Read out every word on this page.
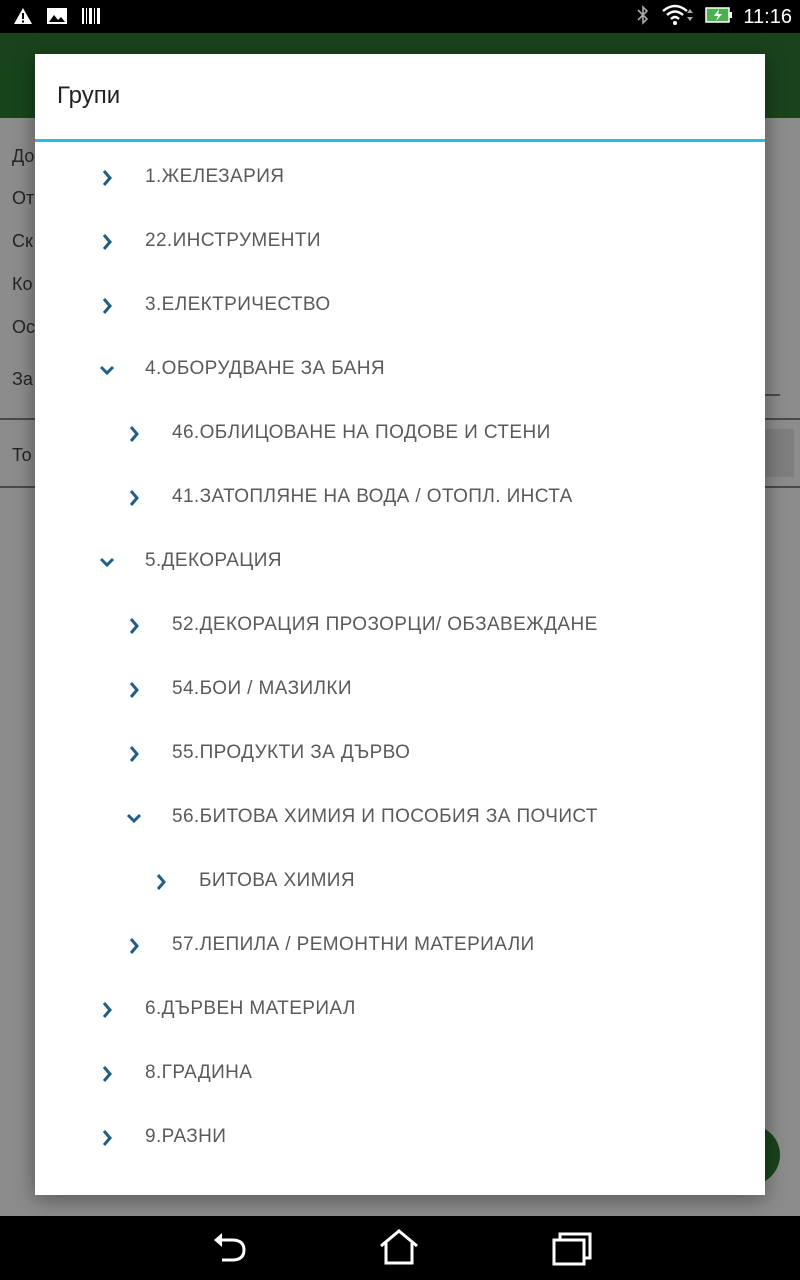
11:16
До
От
Ск
Ко
Ос
За
То
Групи
1.ЖЕЛЕЗАРИЯ
22.ИНСТРУМЕНТИ
3.ЕЛЕКТРИЧЕСТВО
4.ОБОРУДВАНЕ ЗА БАНЯ
46.ОБЛИЦОВАНЕ НА ПОДОВЕ И СТЕНИ
41.ЗАТОПЛЯНЕ НА ВОДА / ОТОПЛ. ИНСТА
5.ДЕКОРАЦИЯ
52.ДЕКОРАЦИЯ ПРОЗОРЦИ/ ОБЗАВЕЖДАНЕ
54.БОИ / МАЗИЛКИ
55.ПРОДУКТИ ЗА ДЪРВО
56.БИТОВА ХИМИЯ И ПОСОБИЯ ЗА ПОЧИСТ
БИТОВА ХИМИЯ
57.ЛЕПИЛА / РЕМОНТНИ МАТЕРИАЛИ
6.ДЪРВЕН МАТЕРИАЛ
8.ГРАДИНА
9.РАЗНИ
